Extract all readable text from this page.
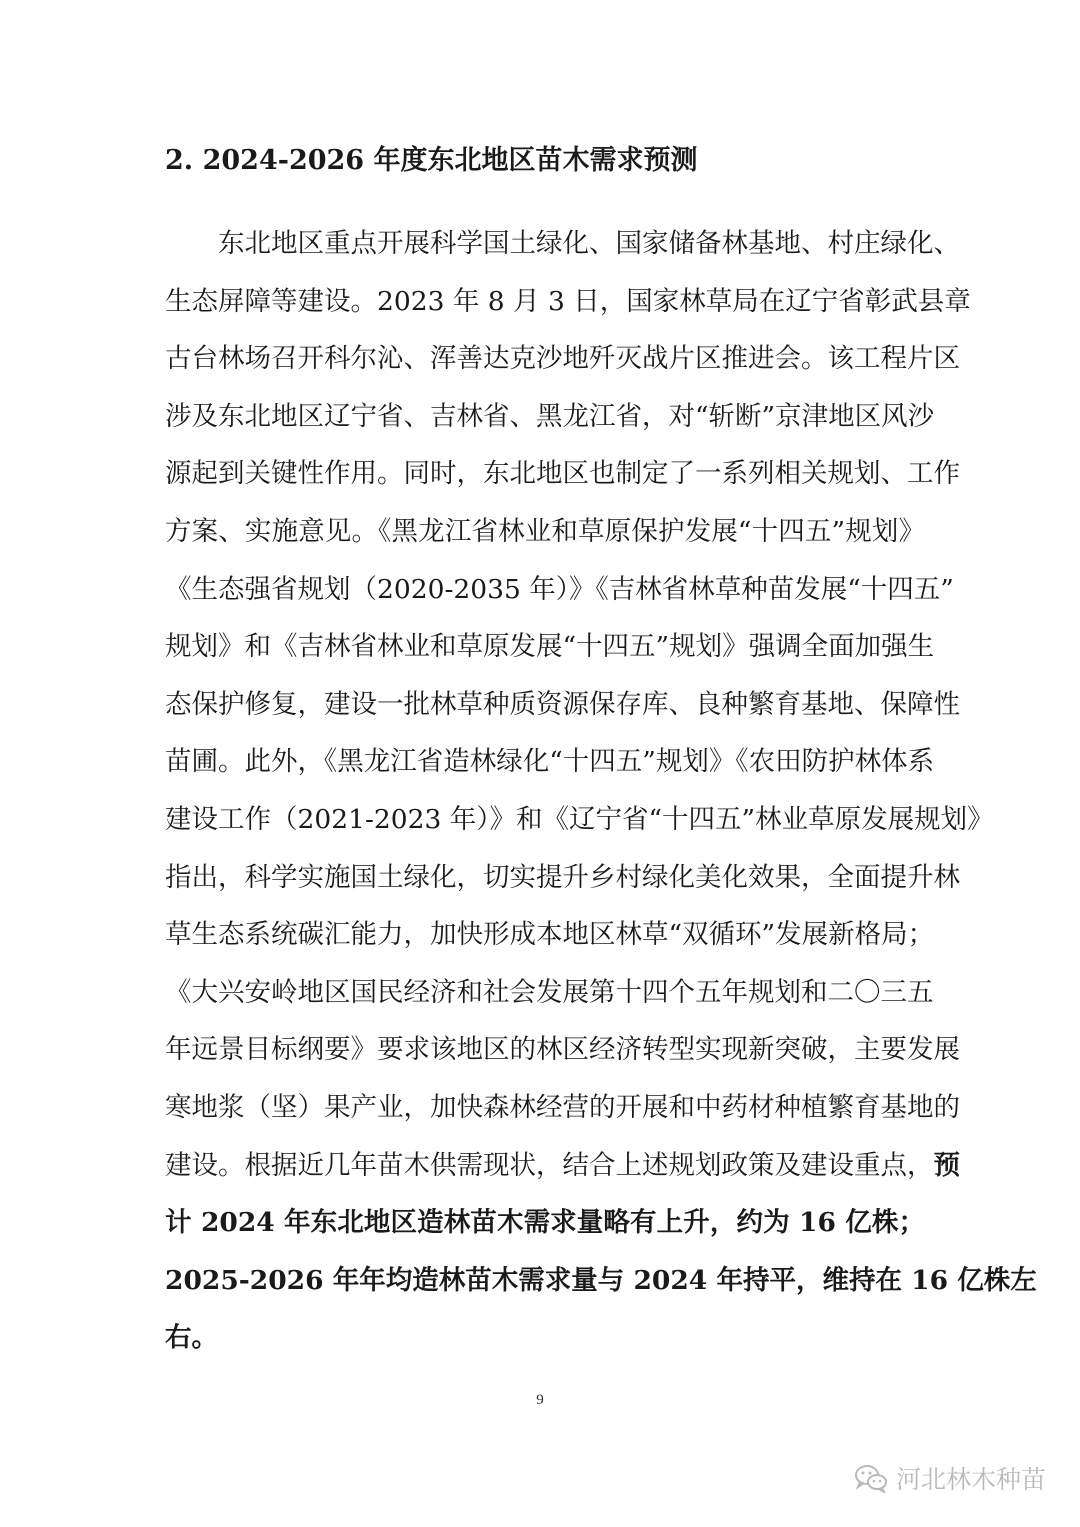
2. 2024-2026 年度东北地区苗木需求预测
东北地区重点开展科学国土绿化、国家储备林基地、村庄绿化、
生态屏障等建设。2023 年 8 月 3 日，国家林草局在辽宁省彰武县章
古台林场召开科尔沁、浑善达克沙地歼灭战片区推进会。该工程片区
涉及东北地区辽宁省、吉林省、黑龙江省，对“斩断”京津地区风沙
源起到关键性作用。同时，东北地区也制定了一系列相关规划、工作
方案、实施意见。《黑龙江省林业和草原保护发展“十四五”规划》
《生态强省规划（2020-2035 年）》《吉林省林草种苗发展“十四五”
规划》和《吉林省林业和草原发展“十四五”规划》强调全面加强生
态保护修复，建设一批林草种质资源保存库、良种繁育基地、保障性
苗圃。此外，《黑龙江省造林绿化“十四五”规划》《农田防护林体系
建设工作（2021-2023 年）》和《辽宁省“十四五”林业草原发展规划》
指出，科学实施国土绿化，切实提升乡村绿化美化效果，全面提升林
草生态系统碳汇能力，加快形成本地区林草“双循环”发展新格局；
《大兴安岭地区国民经济和社会发展第十四个五年规划和二〇三五
年远景目标纲要》要求该地区的林区经济转型实现新突破，主要发展
寒地浆（坚）果产业，加快森林经营的开展和中药材种植繁育基地的
建设。根据近几年苗木供需现状，结合上述规划政策及建设重点，预
计 2024 年东北地区造林苗木需求量略有上升，约为 16 亿株；
2025-2026 年年均造林苗木需求量与 2024 年持平，维持在 16 亿株左
右。
9
河北林木种苗
